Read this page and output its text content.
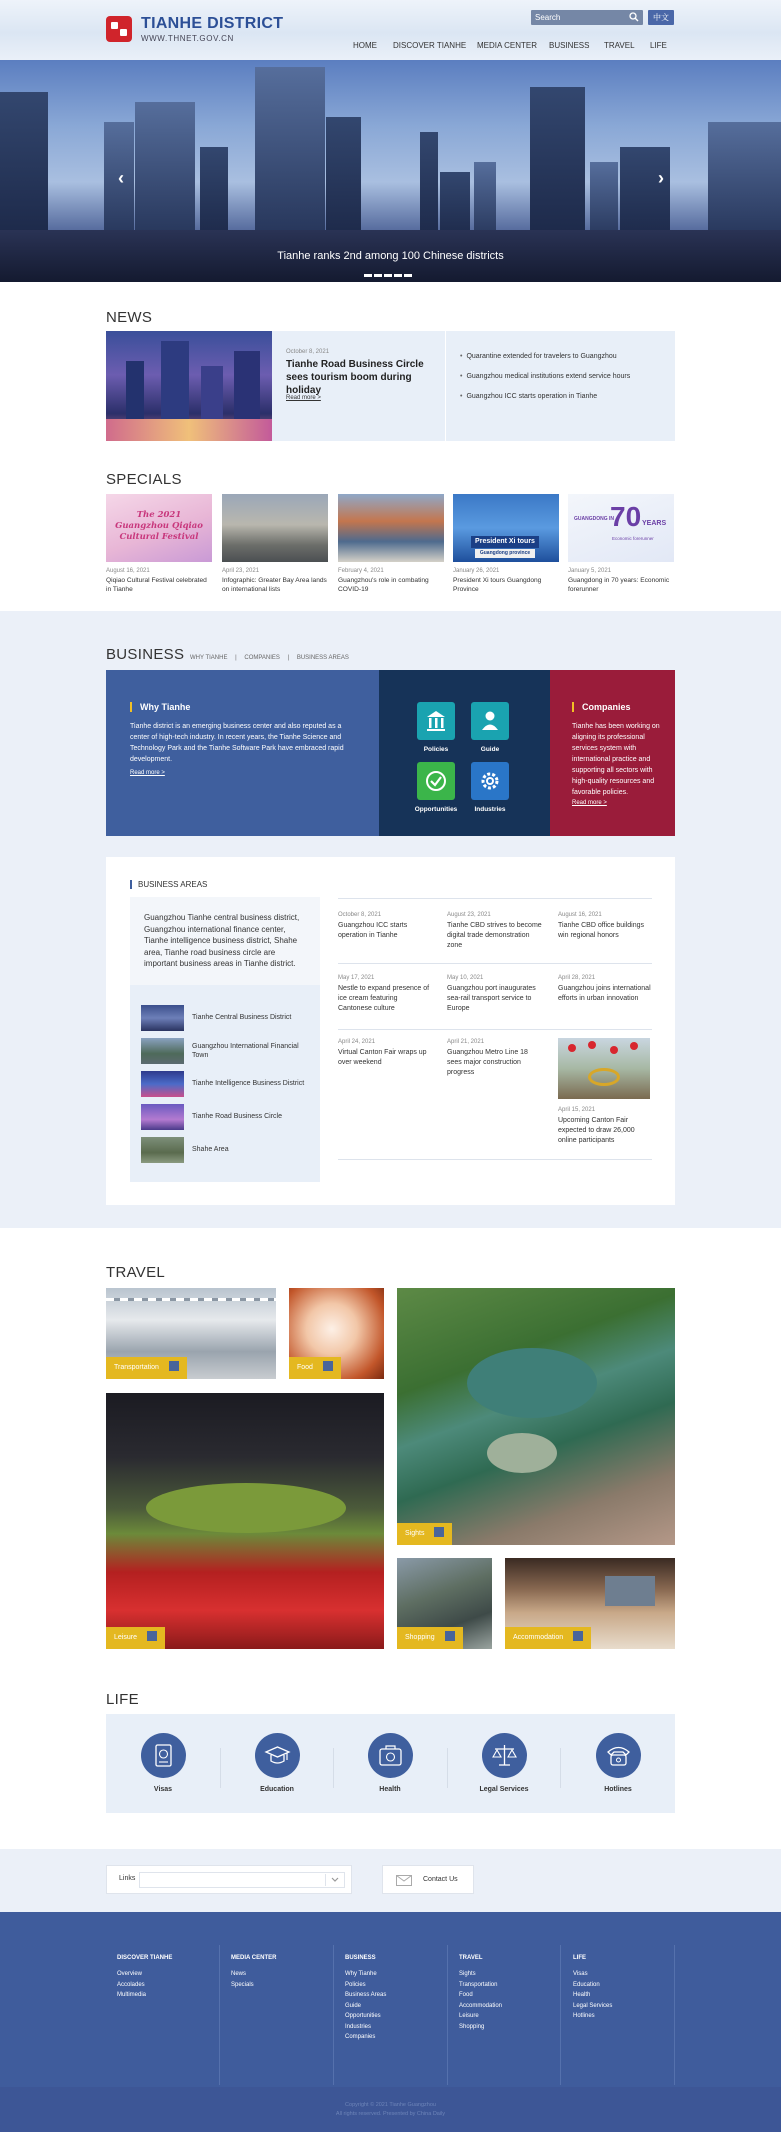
TIANHE DISTRICT
WWW.THNET.GOV.CN
Search
中文
HOME DISCOVER TIANHE MEDIA CENTER BUSINESS TRAVEL LIFE
‹	›
Tianhe ranks 2nd among 100 Chinese districts
NEWS
October 8, 2021
Tianhe Road Business Circle sees tourism boom during holiday
Read more >
• Quarantine extended for travelers to Guangzhou
• Guangzhou medical institutions extend service hours
• Guangzhou ICC starts operation in Tianhe
SPECIALS
The 2021 Guangzhou Qiqiao Cultural Festival
August 16, 2021
Qiqiao Cultural Festival celebrated in Tianhe
April 23, 2021
Infographic: Greater Bay Area lands on international lists
February 4, 2021
Guangzhou's role in combating COVID-19
President Xi tours
Guangdong province
January 26, 2021
President Xi tours Guangdong Province
GUANGDONG IN
70 YEARS
Economic forerunner
January 5, 2021
Guangdong in 70 years: Economic forerunner
BUSINESS WHY TIANHE | COMPANIES | BUSINESS AREAS
Why Tianhe
Tianhe district is an emerging business center and also reputed as a center of high-tech industry. In recent years, the Tianhe Science and Technology Park and the Tianhe Software Park have embraced rapid development.
Read more >
Policies	Guide
Opportunities	Industries
Companies
Tianhe has been working on aligning its professional services system with international practice and supporting all sectors with high-quality resources and favorable policies.
Read more >
BUSINESS AREAS
Guangzhou Tianhe central business district, Guangzhou international finance center, Tianhe intelligence business district, Shahe area, Tianhe road business circle are important business areas in Tianhe district.
Tianhe Central Business District
Guangzhou International Financial Town
Tianhe Intelligence Business District
Tianhe Road Business Circle
Shahe Area
October 8, 2021
Guangzhou ICC starts operation in Tianhe
August 23, 2021
Tianhe CBD strives to become digital trade demonstration zone
August 16, 2021
Tianhe CBD office buildings win regional honors
May 17, 2021
Nestle to expand presence of ice cream featuring Cantonese culture
May 10, 2021
Guangzhou port inaugurates sea-rail transport service to Europe
April 28, 2021
Guangzhou joins international efforts in urban innovation
April 24, 2021
Virtual Canton Fair wraps up over weekend
April 21, 2021
Guangzhou Metro Line 18 sees major construction progress
April 15, 2021
Upcoming Canton Fair expected to draw 26,000 online participants
TRAVEL
Transportation	Food
Sights
Leisure	Shopping	Accommodation
LIFE
Visas	Education	Health	Legal Services	Hotlines
Links	Contact Us
DISCOVER TIANHE
Overview
Accolades
Multimedia
MEDIA CENTER
News
Specials
BUSINESS
Why Tianhe
Policies
Business Areas
Guide
Opportunities
Industries
Companies
TRAVEL
Sights
Transportation
Food
Accommodation
Leisure
Shopping
LIFE
Visas
Education
Health
Legal Services
Hotlines
Copyright © 2021 Tianhe Guangzhou
All rights reserved. Presented by China Daily
